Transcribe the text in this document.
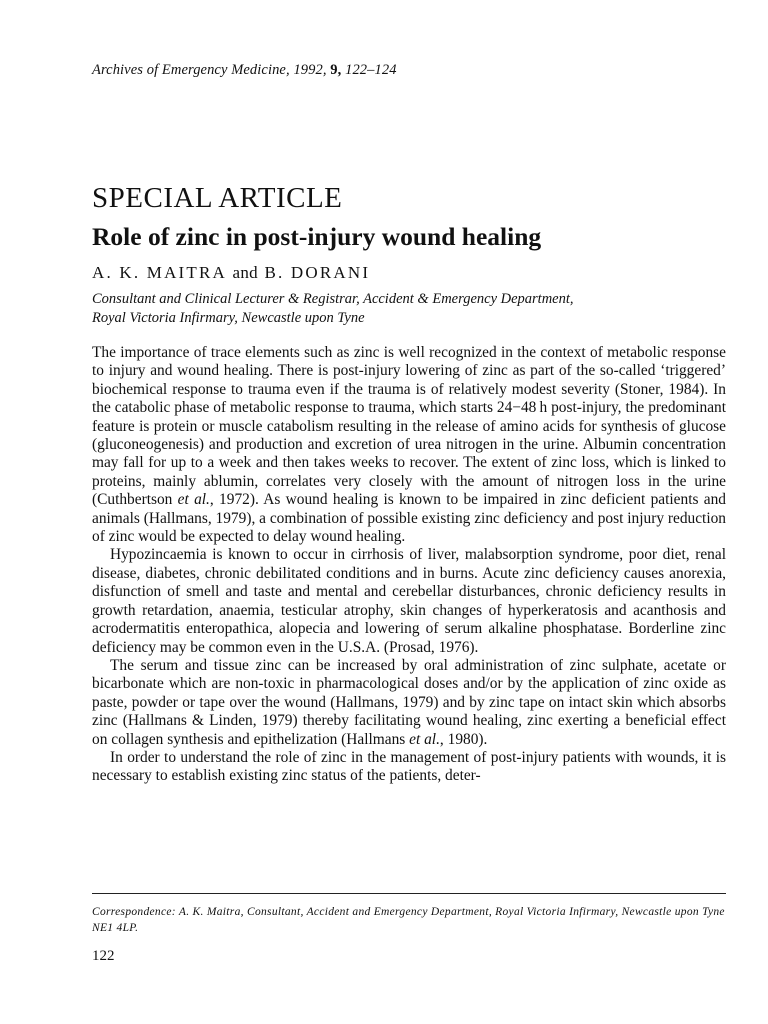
Archives of Emergency Medicine, 1992, 9, 122–124
SPECIAL ARTICLE
Role of zinc in post-injury wound healing
A. K. MAITRA and B. DORANI
Consultant and Clinical Lecturer & Registrar, Accident & Emergency Department,
Royal Victoria Infirmary, Newcastle upon Tyne

The importance of trace elements such as zinc is well recognized in the context of metabolic response to injury and wound healing. There is post-injury lowering of zinc as part of the so-called ‘triggered’ biochemical response to trauma even if the trauma is of relatively modest severity (Stoner, 1984). In the catabolic phase of metabolic response to trauma, which starts 24−48 h post-injury, the predominant feature is protein or muscle catabolism resulting in the release of amino acids for synthesis of glucose (gluconeogenesis) and production and excretion of urea nitrogen in the urine. Albumin concentration may fall for up to a week and then takes weeks to recover. The extent of zinc loss, which is linked to proteins, mainly ablumin, correlates very closely with the amount of nitrogen loss in the urine (Cuthbertson et al., 1972). As wound healing is known to be impaired in zinc deficient patients and animals (Hallmans, 1979), a combination of possible existing zinc deficiency and post injury reduction of zinc would be expected to delay wound healing.

Hypozincaemia is known to occur in cirrhosis of liver, malabsorption syndrome, poor diet, renal disease, diabetes, chronic debilitated conditions and in burns. Acute zinc deficiency causes anorexia, disfunction of smell and taste and mental and cerebellar disturbances, chronic deficiency results in growth retardation, anaemia, testicular atrophy, skin changes of hyperkeratosis and acanthosis and acrodermatitis enteropathica, alopecia and lowering of serum alkaline phosphatase. Borderline zinc deficiency may be common even in the U.S.A. (Prosad, 1976).

The serum and tissue zinc can be increased by oral administration of zinc sulphate, acetate or bicarbonate which are non-toxic in pharmacological doses and/or by the application of zinc oxide as paste, powder or tape over the wound (Hallmans, 1979) and by zinc tape on intact skin which absorbs zinc (Hallmans & Linden, 1979) thereby facilitating wound healing, zinc exerting a beneficial effect on collagen synthesis and epithelization (Hallmans et al., 1980).

In order to understand the role of zinc in the management of post-injury patients with wounds, it is necessary to establish existing zinc status of the patients, deter-

Correspondence: A. K. Maitra, Consultant, Accident and Emergency Department, Royal Victoria Infirmary, Newcastle upon Tyne NE1 4LP.
122
